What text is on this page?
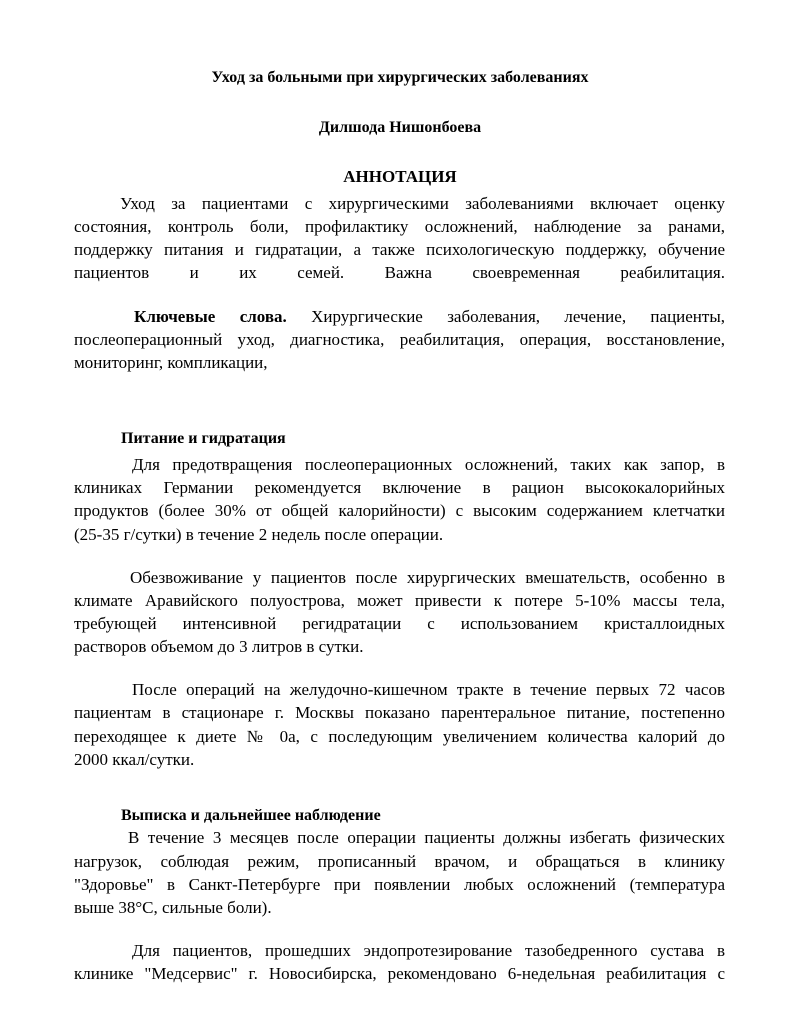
Уход за больными при хирургических заболеваниях
Дилшода Нишонбоева
АННОТАЦИЯ
Уход за пациентами с хирургическими заболеваниями включает оценку
состояния, контроль боли, профилактику осложнений, наблюдение за ранами,
поддержку питания и гидратации, а также психологическую поддержку, обучение
пациентов и их семей. Важна своевременная реабилитация.
Ключевые слова. Хирургические заболевания, лечение, пациенты,
послеоперационный уход, диагностика, реабилитация, операция, восстановление,
мониторинг, компликации,
Питание и гидратация
Для предотвращения послеоперационных осложнений, таких как запор, в
клиниках Германии рекомендуется включение в рацион высококалорийных
продуктов (более 30% от общей калорийности) с высоким содержанием клетчатки
(25-35 г/сутки) в течение 2 недель после операции.
Обезвоживание у пациентов после хирургических вмешательств, особенно в
климате Аравийского полуострова, может привести к потере 5-10% массы тела,
требующей интенсивной регидратации с использованием кристаллоидных
растворов объемом до 3 литров в сутки.
После операций на желудочно-кишечном тракте в течение первых 72 часов
пациентам в стационаре г. Москвы показано парентеральное питание, постепенно
переходящее к диете № 0а, с последующим увеличением количества калорий до
2000 ккал/сутки.
Выписка и дальнейшее наблюдение
В течение 3 месяцев после операции пациенты должны избегать физических
нагрузок, соблюдая режим, прописанный врачом, и обращаться в клинику
"Здоровье" в Санкт-Петербурге при появлении любых осложнений (температура
выше 38°C, сильные боли).
Для пациентов, прошедших эндопротезирование тазобедренного сустава в
клинике "Медсервис" г. Новосибирска, рекомендовано 6-недельная реабилитация с
